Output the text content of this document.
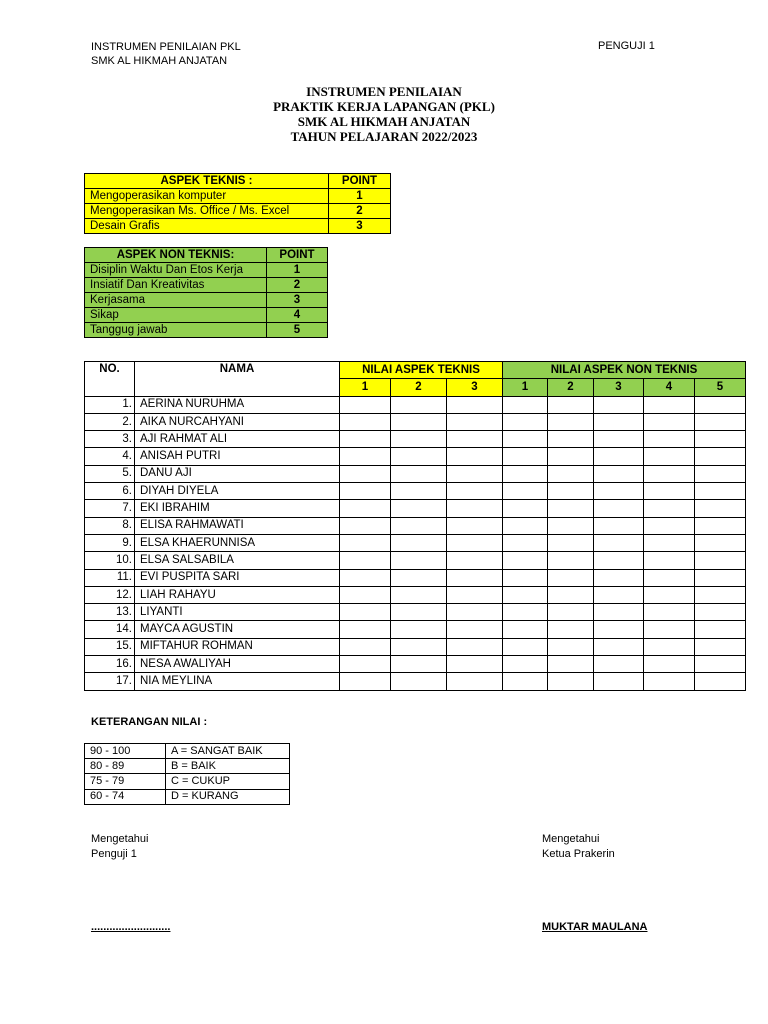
INSTRUMEN PENILAIAN PKL
SMK AL HIKMAH ANJATAN
PENGUJI 1
INSTRUMEN PENILAIAN
PRAKTIK KERJA LAPANGAN (PKL)
SMK AL HIKMAH ANJATAN
TAHUN PELAJARAN 2022/2023
ASPEK TEKNIS :	POINT
Mengoperasikan komputer	1
Mengoperasikan Ms. Office / Ms. Excel	2
Desain Grafis	3
ASPEK NON TEKNIS:	POINT
Disiplin Waktu Dan Etos Kerja	1
Insiatif Dan Kreativitas	2
Kerjasama	3
Sikap	4
Tanggug jawab	5
NO.	NAMA	NILAI ASPEK TEKNIS			NILAI ASPEK NON TEKNIS				
		1	2	3	1	2	3	4	5
1.	AERINA NURUHMA								
2.	AIKA NURCAHYANI								
3.	AJI RAHMAT ALI								
4.	ANISAH PUTRI								
5.	DANU AJI								
6.	DIYAH DIYELA								
7.	EKI IBRAHIM								
8.	ELISA RAHMAWATI								
9.	ELSA KHAERUNNISA								
10.	ELSA SALSABILA								
11.	EVI PUSPITA SARI								
12.	LIAH RAHAYU								
13.	LIYANTI								
14.	MAYCA AGUSTIN								
15.	MIFTAHUR ROHMAN								
16.	NESA AWALIYAH								
17.	NIA MEYLINA								
KETERANGAN NILAI :
90 - 100	A = SANGAT BAIK
80 - 89	B = BAIK
75 - 79	C = CUKUP
60 - 74	D = KURANG
Mengetahui
Penguji 1
..........................
Mengetahui
Ketua Prakerin
MUKTAR MAULANA
